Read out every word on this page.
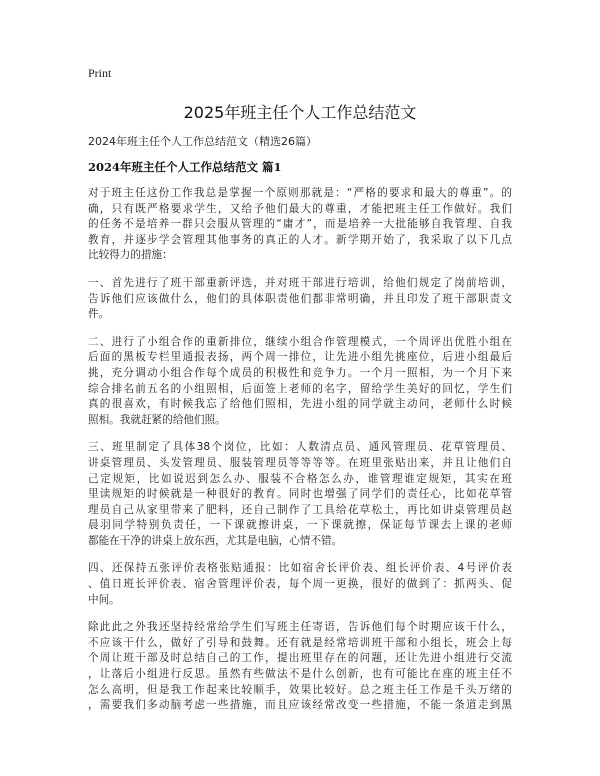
Print
2025年班主任个人工作总结范文
2024年班主任个人工作总结范文（精选26篇）
2024年班主任个人工作总结范文 篇1

对于班主任这份工作我总是掌握一个原则那就是：“严格的要求和最大的尊重”。的
确，只有既严格要求学生，又给予他们最大的尊重，才能把班主任工作做好。我们
的任务不是培养一群只会服从管理的“庸才”，而是培养一大批能够自我管理、自我
教育，并逐步学会管理其他事务的真正的人才。新学期开始了，我采取了以下几点
比较得力的措施：

一、首先进行了班干部重新评选，并对班干部进行培训，给他们规定了岗前培训，
告诉他们应该做什么，他们的具体职责他们都非常明确，并且印发了班干部职责文
件。

二、进行了小组合作的重新排位，继续小组合作管理模式，一个周评出优胜小组在
后面的黑板专栏里通报表扬，两个周一排位，让先进小组先挑座位，后进小组最后
挑，充分调动小组合作每个成员的积极性和竞争力。一个月一照相，为一个月下来
综合排名前五名的小组照相，后面签上老师的名字，留给学生美好的回忆，学生们
真的很喜欢，有时候我忘了给他们照相，先进小组的同学就主动问，老师什么时候
照相。我就赶紧的给他们照。

三、班里制定了具体38个岗位，比如：人数清点员、通风管理员、花草管理员、
讲桌管理员、头发管理员、服装管理员等等等等。在班里张贴出来，并且让他们自
己定规矩，比如说迟到怎么办、服装不合格怎么办，谁管理谁定规矩，其实在班
里读规矩的时候就是一种很好的教育。同时也增强了同学们的责任心，比如花草管
理员自己从家里带来了肥料，还自己制作了工具给花草松土，再比如讲桌管理员赵
晨羽同学特别负责任，一下课就擦讲桌，一下课就擦，保证每节课去上课的老师
都能在干净的讲桌上放东西，尤其是电脑，心情不错。

四、还保持五张评价表格张贴通报：比如宿舍长评价表、组长评价表、4号评价表
、值日班长评价表、宿舍管理评价表，每个周一更换，很好的做到了：抓两头、促
中间。

除此此之外我还坚持经常给学生们写班主任寄语，告诉他们每个时期应该干什么，
不应该干什么，做好了引导和鼓舞。还有就是经常培训班干部和小组长，班会上每
个周让班干部及时总结自己的工作，提出班里存在的问题，还让先进小组进行交流
，让落后小组进行反思。虽然有些做法不是什么创新，也有可能比在座的班主任不
怎么高明，但是我工作起来比较顺手，效果比较好。总之班主任工作是千头万绪的
，需要我们多动脑考虑一些措施，而且应该经常改变一些措施，不能一条道走到黑
